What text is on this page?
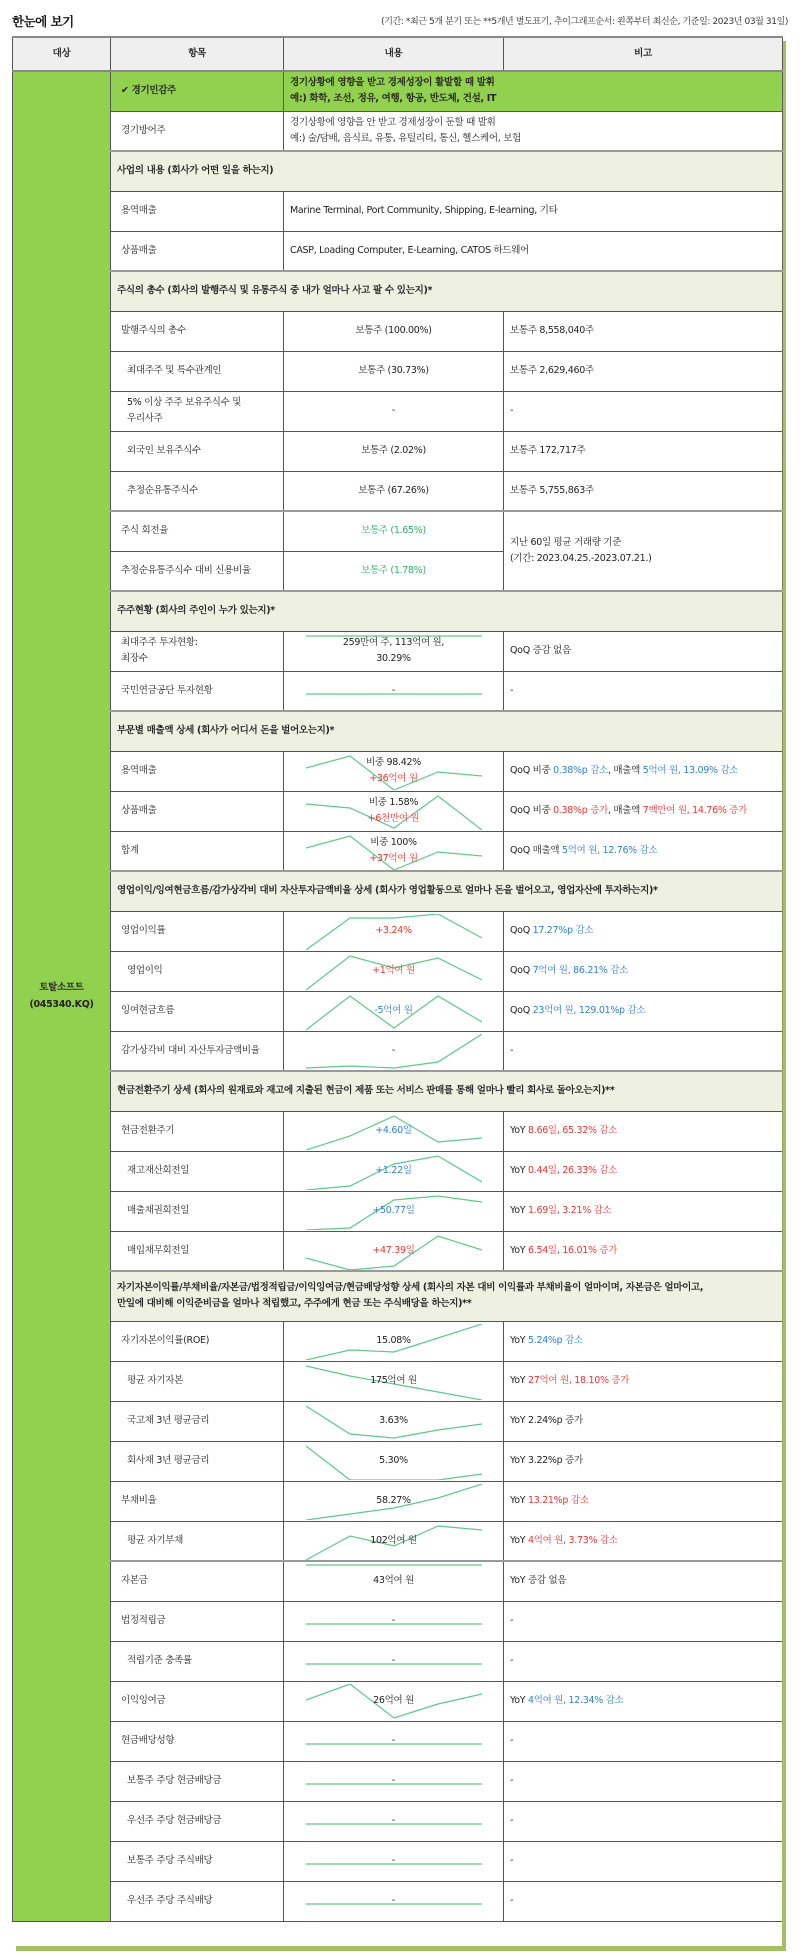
한눈에 보기	(기간: *최근 5개 분기 또는 **5개년 별도표기, 추이그래프순서: 왼쪽부터 최신순, 기준일: 2023년 03월 31일)
대상	항목	내용	비고
토탈소프트
(045340.KQ)	✔ 경기민감주	경기상황에 영향을 받고 경제성장이 활발할 때 발휘
예:) 화학, 조선, 정유, 여행, 항공, 반도체, 건설, IT	
	경기방어주	경기상황에 영향을 안 받고 경제성장이 둔할 때 발휘
예:) 술/담배, 음식료, 유통, 유틸리티, 통신, 헬스케어, 보험	
	사업의 내용 (회사가 어떤 일을 하는지)		
	용역매출	Marine Terminal, Port Community, Shipping, E-learning, 기타	
	상품매출	CASP, Loading Computer, E-Learning, CATOS 하드웨어	
	주식의 총수 (회사의 발행주식 및 유통주식 중 내가 얼마나 사고 팔 수 있는지)*		
	발행주식의 총수	보통주 (100.00%)	보통주 8,558,040주
	최대주주 및 특수관계인	보통주 (30.73%)	보통주 2,629,460주
	5% 이상 주주 보유주식수 및
우리사주	-	-
	외국인 보유주식수	보통주 (2.02%)	보통주 172,717주
	추정순유통주식수	보통주 (67.26%)	보통주 5,755,863주
	주식 회전율	보통주 (1.65%)	지난 60일 평균 거래량 기준
(기간: 2023.04.25.-2023.07.21.)
	추정순유통주식수 대비 신용비율	보통주 (1.78%)	
	주주현황 (회사의 주인이 누가 있는지)*		
	최대주주 투자현황:
최장수	259만여 주, 113억여 원,
30.29%	QoQ 증감 없음
	국민연금공단 투자현황	-	-
	부문별 매출액 상세 (회사가 어디서 돈을 벌어오는지)*		
	용역매출	비중 98.42%
+36억여 원	QoQ 비중 0.38%p 감소, 매출액 5억여 원, 13.09% 감소
	상품매출	비중 1.58%
+6천만여 원	QoQ 비중 0.38%p 증가, 매출액 7백만여 원, 14.76% 증가
	합계	비중 100%
+37억여 원	QoQ 매출액 5억여 원, 12.76% 감소
	영업이익/잉여현금흐름/감가상각비 대비 자산투자금액비율 상세 (회사가 영업활동으로 얼마나 돈을 벌어오고, 영업자산에 투자하는지)*		
	영업이익률	+3.24%	QoQ 17.27%p 감소
	영업이익	+1억여 원	QoQ 7억여 원, 86.21% 감소
	잉여현금흐름	-5억여 원	QoQ 23억여 원, 129.01%p 감소
	감가상각비 대비 자산투자금액비율	-	-
	현금전환주기 상세 (회사의 원재료와 재고에 지출된 현금이 제품 또는 서비스 판매를 통해 얼마나 빨리 회사로 돌아오는지)**		
	현금전환주기	+4.60일	YoY 8.66일, 65.32% 감소
	재고재산회전일	+1.22일	YoY 0.44일, 26.33% 감소
	매출채권회전일	+50.77일	YoY 1.69일, 3.21% 감소
	매입채무회전일	+47.39일	YoY 6.54일, 16.01% 증가
	자기자본이익률/부채비율/자본금/법정적립금/이익잉여금/현금배당성향 상세 (회사의 자본 대비 이익률과 부채비율이 얼마이며, 자본금은 얼마이고,
만일에 대비해 이익준비금을 얼마나 적립했고, 주주에게 현금 또는 주식배당을 하는지)**		
	자기자본이익률(ROE)	15.08%	YoY 5.24%p 감소
	평균 자기자본	175억여 원	YoY 27억여 원, 18.10% 증가
	국고채 3년 평균금리	3.63%	YoY 2.24%p 증가
	회사채 3년 평균금리	5.30%	YoY 3.22%p 증가
	부채비율	58.27%	YoY 13.21%p 감소
	평균 자기부채	102억여 원	YoY 4억여 원, 3.73% 감소
	자본금	43억여 원	YoY 증감 없음
	법정적립금	-	-
	적립기준 충족률	-	-
	이익잉여금	26억여 원	YoY 4억여 원, 12.34% 감소
	현금배당성향	-	-
	보통주 주당 현금배당금	-	-
	우선주 주당 현금배당금	-	-
	보통주 주당 주식배당	-	-
	우선주 주당 주식배당	-	-
